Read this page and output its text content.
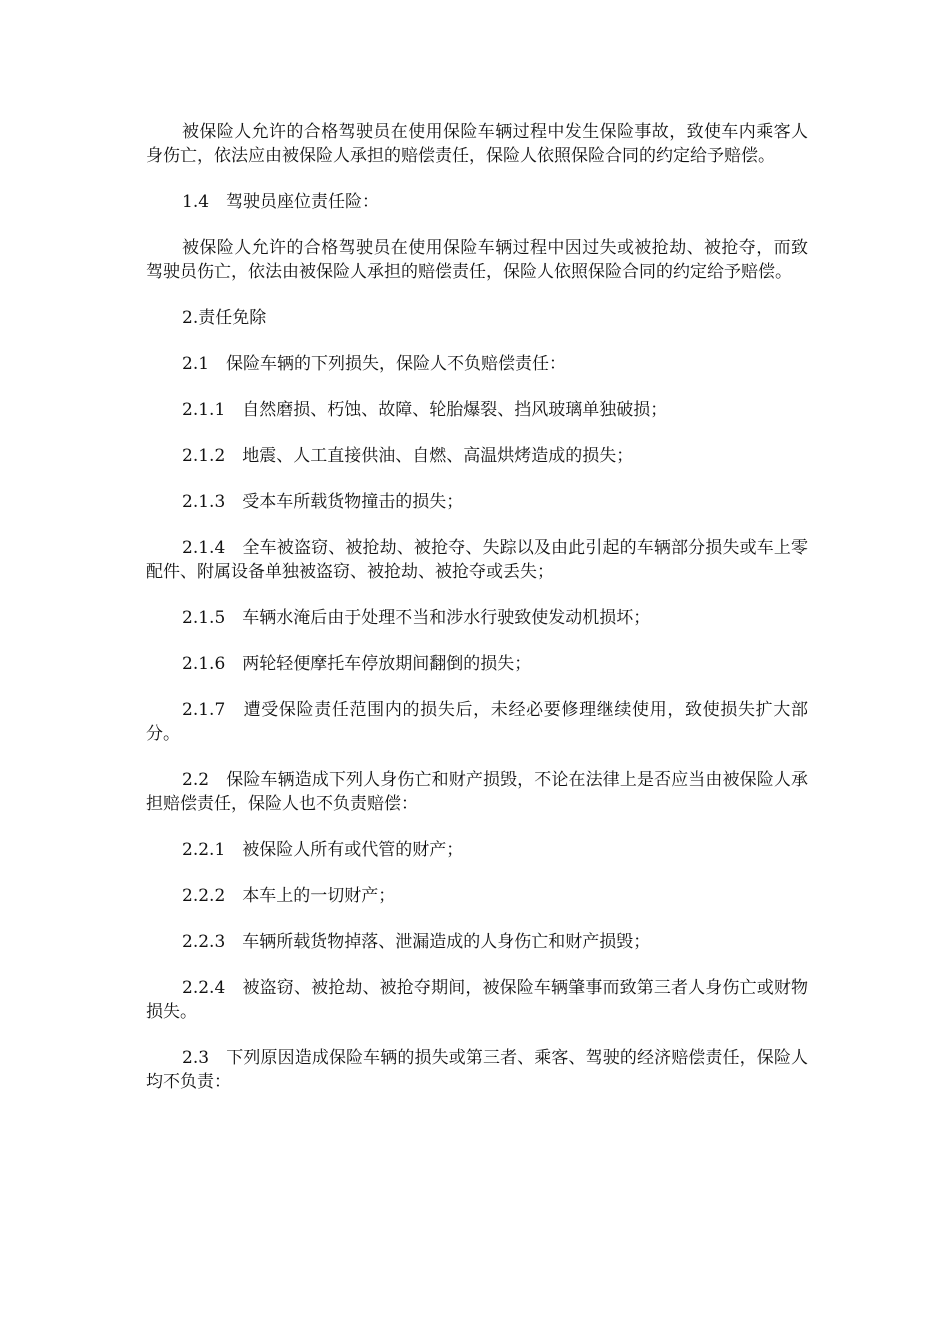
被保险人允许的合格驾驶员在使用保险车辆过程中发生保险事故，致使车内乘客人身伤亡，依法应由被保险人承担的赔偿责任，保险人依照保险合同的约定给予赔偿。

1.4　驾驶员座位责任险：

被保险人允许的合格驾驶员在使用保险车辆过程中因过失或被抢劫、被抢夺，而致驾驶员伤亡，依法由被保险人承担的赔偿责任，保险人依照保险合同的约定给予赔偿。

2.责任免除

2.1　保险车辆的下列损失，保险人不负赔偿责任：

2.1.1　自然磨损、朽蚀、故障、轮胎爆裂、挡风玻璃单独破损；

2.1.2　地震、人工直接供油、自燃、高温烘烤造成的损失；

2.1.3　受本车所载货物撞击的损失；

2.1.4　全车被盗窃、被抢劫、被抢夺、失踪以及由此引起的车辆部分损失或车上零配件、附属设备单独被盗窃、被抢劫、被抢夺或丢失；

2.1.5　车辆水淹后由于处理不当和涉水行驶致使发动机损坏；

2.1.6　两轮轻便摩托车停放期间翻倒的损失；

2.1.7　遭受保险责任范围内的损失后，未经必要修理继续使用，致使损失扩大部分。

2.2　保险车辆造成下列人身伤亡和财产损毁，不论在法律上是否应当由被保险人承担赔偿责任，保险人也不负责赔偿：

2.2.1　被保险人所有或代管的财产；

2.2.2　本车上的一切财产；

2.2.3　车辆所载货物掉落、泄漏造成的人身伤亡和财产损毁；

2.2.4　被盗窃、被抢劫、被抢夺期间，被保险车辆肇事而致第三者人身伤亡或财物损失。

2.3　下列原因造成保险车辆的损失或第三者、乘客、驾驶的经济赔偿责任，保险人均不负责：
